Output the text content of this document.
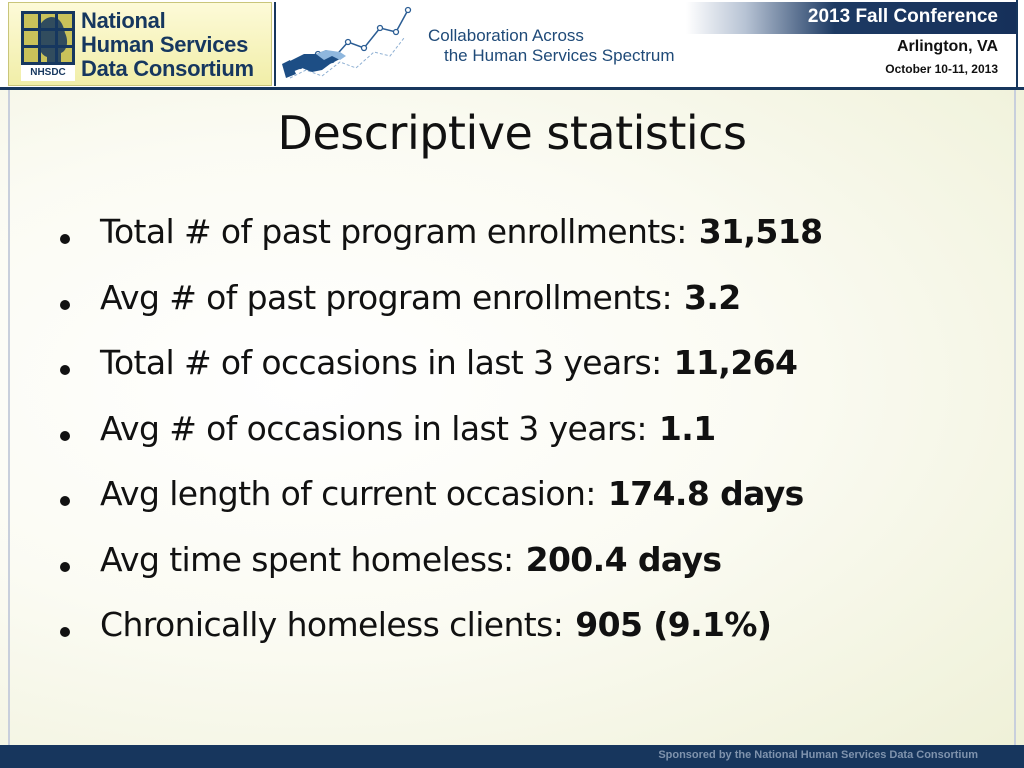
NHSDC
National
Human Services
Data Consortium
Collaboration Across
the Human Services Spectrum
2013 Fall Conference
Arlington, VA
October 10-11, 2013
Descriptive statistics
Total # of past program enrollments: 31,518
Avg # of past program enrollments: 3.2
Total # of occasions in last 3 years: 11,264
Avg # of occasions in last 3 years: 1.1
Avg length of current occasion: 174.8 days
Avg time spent homeless: 200.4 days
Chronically homeless clients: 905 (9.1%)
Sponsored by the National Human Services Data Consortium
